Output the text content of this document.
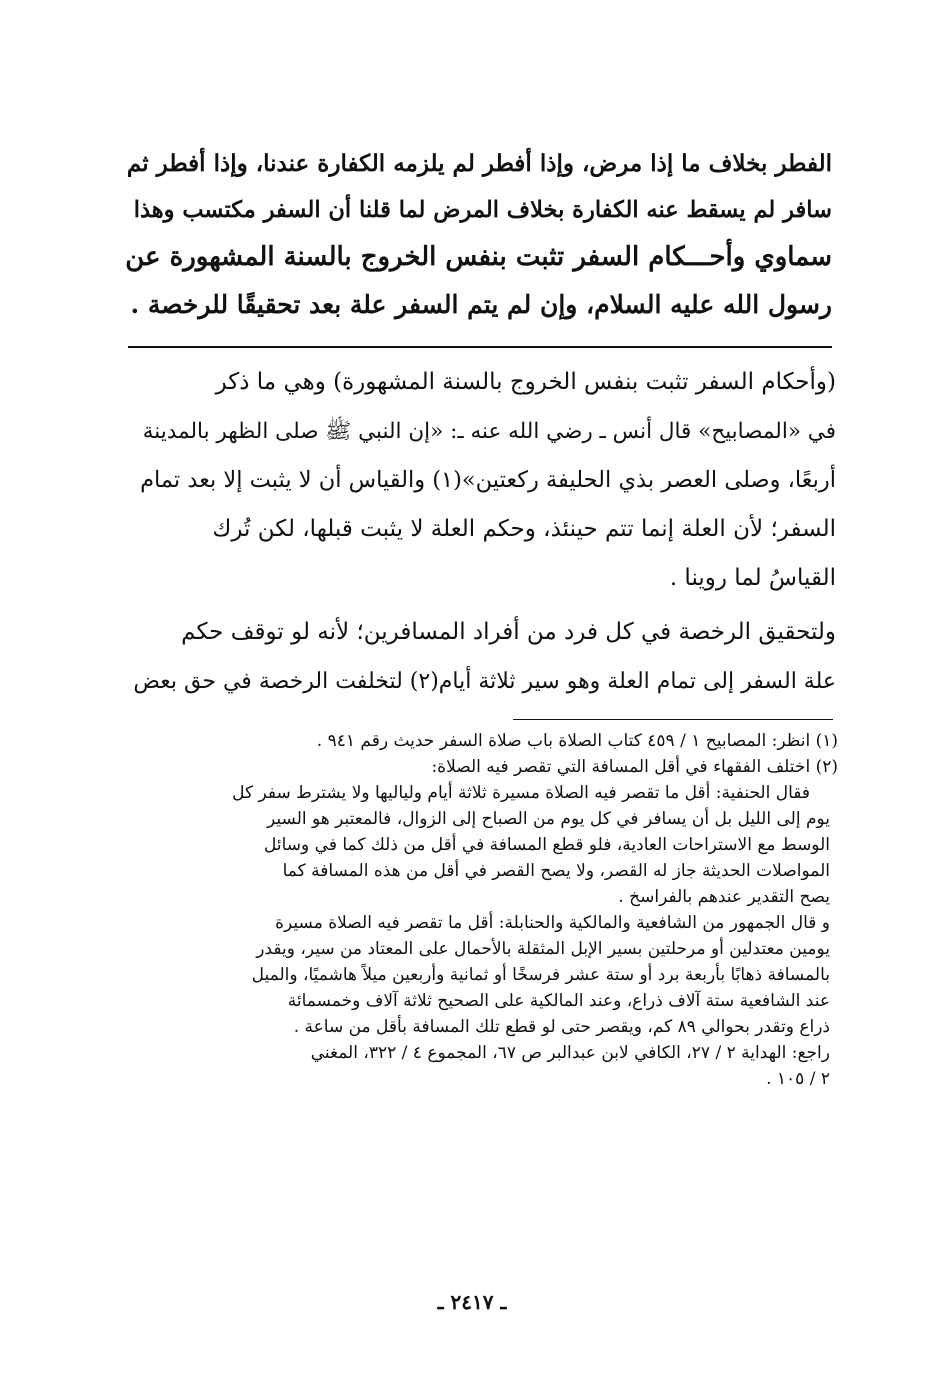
الفطر بخلاف ما إذا مرض، وإذا أفطر لم يلزمه الكفارة عندنا، وإذا أفطر ثم
سافر لم يسقط عنه الكفارة بخلاف المرض لما قلنا أن السفر مكتسب وهذا
سماوي وأحـــكام السفر تثبت بنفس الخروج بالسنة المشهورة عن
رسول الله عليه السلام، وإن لم يتم السفر علة بعد تحقيقًا للرخصة .
(وأحكام السفر تثبت بنفس الخروج بالسنة المشهورة) وهي ما ذكر
في «المصابيح» قال أنس ـ رضي الله عنه ـ: «إن النبي ﷺ صلى الظهر بالمدينة
أربعًا، وصلى العصر بذي الحليفة ركعتين»(١) والقياس أن لا يثبت إلا بعد تمام
السفر؛ لأن العلة إنما تتم حينئذ، وحكم العلة لا يثبت قبلها، لكن تُرك
القياسُ لما روينا .
ولتحقيق الرخصة في كل فرد من أفراد المسافرين؛ لأنه لو توقف حكم
علة السفر إلى تمام العلة وهو سير ثلاثة أيام(٢) لتخلفت الرخصة في حق بعض
(١) انظر: المصابيح ١ / ٤٥٩ كتاب الصلاة باب صلاة السفر حديث رقم ٩٤١ .
(٢) اختلف الفقهاء في أقل المسافة التي تقصر فيه الصلاة:
فقال الحنفية: أقل ما تقصر فيه الصلاة مسيرة ثلاثة أيام ولياليها ولا يشترط سفر كل
يوم إلى الليل بل أن يسافر في كل يوم من الصباح إلى الزوال، فالمعتبر هو السير
الوسط مع الاستراحات العادية، فلو قطع المسافة في أقل من ذلك كما في وسائل
المواصلات الحديثة جاز له القصر، ولا يصح القصر في أقل من هذه المسافة كما
يصح التقدير عندهم بالفراسخ .
و قال الجمهور من الشافعية والمالكية والحنابلة: أقل ما تقصر فيه الصلاة مسيرة
يومين معتدلين أو مرحلتين بسير الإبل المثقلة بالأحمال على المعتاد من سير، ويقدر
بالمسافة ذهابًا بأربعة برد أو ستة عشر فرسخًا أو ثمانية وأربعين ميلاً هاشميًا، والميل
عند الشافعية ستة آلاف ذراع، وعند المالكية على الصحيح ثلاثة آلاف وخمسمائة
ذراع وتقدر بحوالي ٨٩ كم، ويقصر حتى لو قطع تلك المسافة بأقل من ساعة .
راجع: الهداية ٢ / ٢٧، الكافي لابن عبدالبر ص ٦٧، المجموع ٤ / ٣٢٢، المغني
٢ / ١٠٥ .
ـ ٢٤١٧ ـ
